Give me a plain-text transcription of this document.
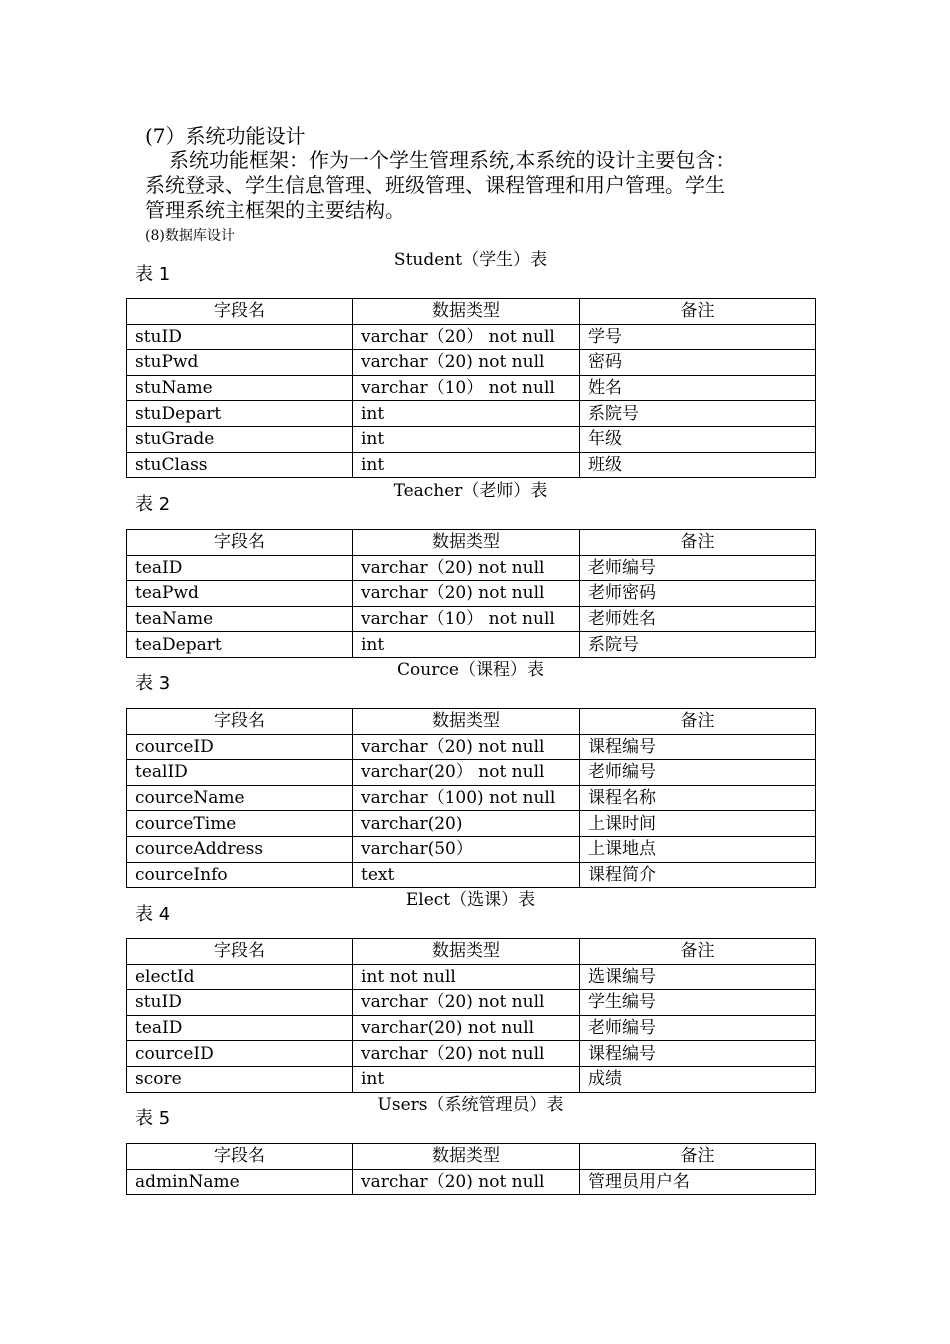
(7）系统功能设计

系统功能框架：作为一个学生管理系统,本系统的设计主要包含：

系统登录、学生信息管理、班级管理、课程管理和用户管理。学生

管理系统主框架的主要结构。

(8)数据库设计
Student（学生）表
表 1
字段名	数据类型	备注
stuID	varchar（20） not null	学号
stuPwd	varchar（20) not null	密码
stuName	varchar（10） not null	姓名
stuDepart	int	系院号
stuGrade	int	年级
stuClass	int	班级
Teacher（老师）表
表 2
字段名	数据类型	备注
teaID	varchar（20) not null	老师编号
teaPwd	varchar（20) not null	老师密码
teaName	varchar（10） not null	老师姓名
teaDepart	int	系院号
Cource（课程）表
表 3
字段名	数据类型	备注
courceID	varchar（20) not null	课程编号
tealID	varchar(20） not null	老师编号
courceName	varchar（100) not null	课程名称
courceTime	varchar(20)	上课时间
courceAddress	varchar(50）	上课地点
courceInfo	text	课程简介
Elect（选课）表
表 4
字段名	数据类型	备注
electId	int not null	选课编号
stuID	varchar（20) not null	学生编号
teaID	varchar(20) not null	老师编号
courceID	varchar（20) not null	课程编号
score	int	成绩
Users（系统管理员）表
表 5
字段名	数据类型	备注
adminName	varchar（20) not null	管理员用户名
